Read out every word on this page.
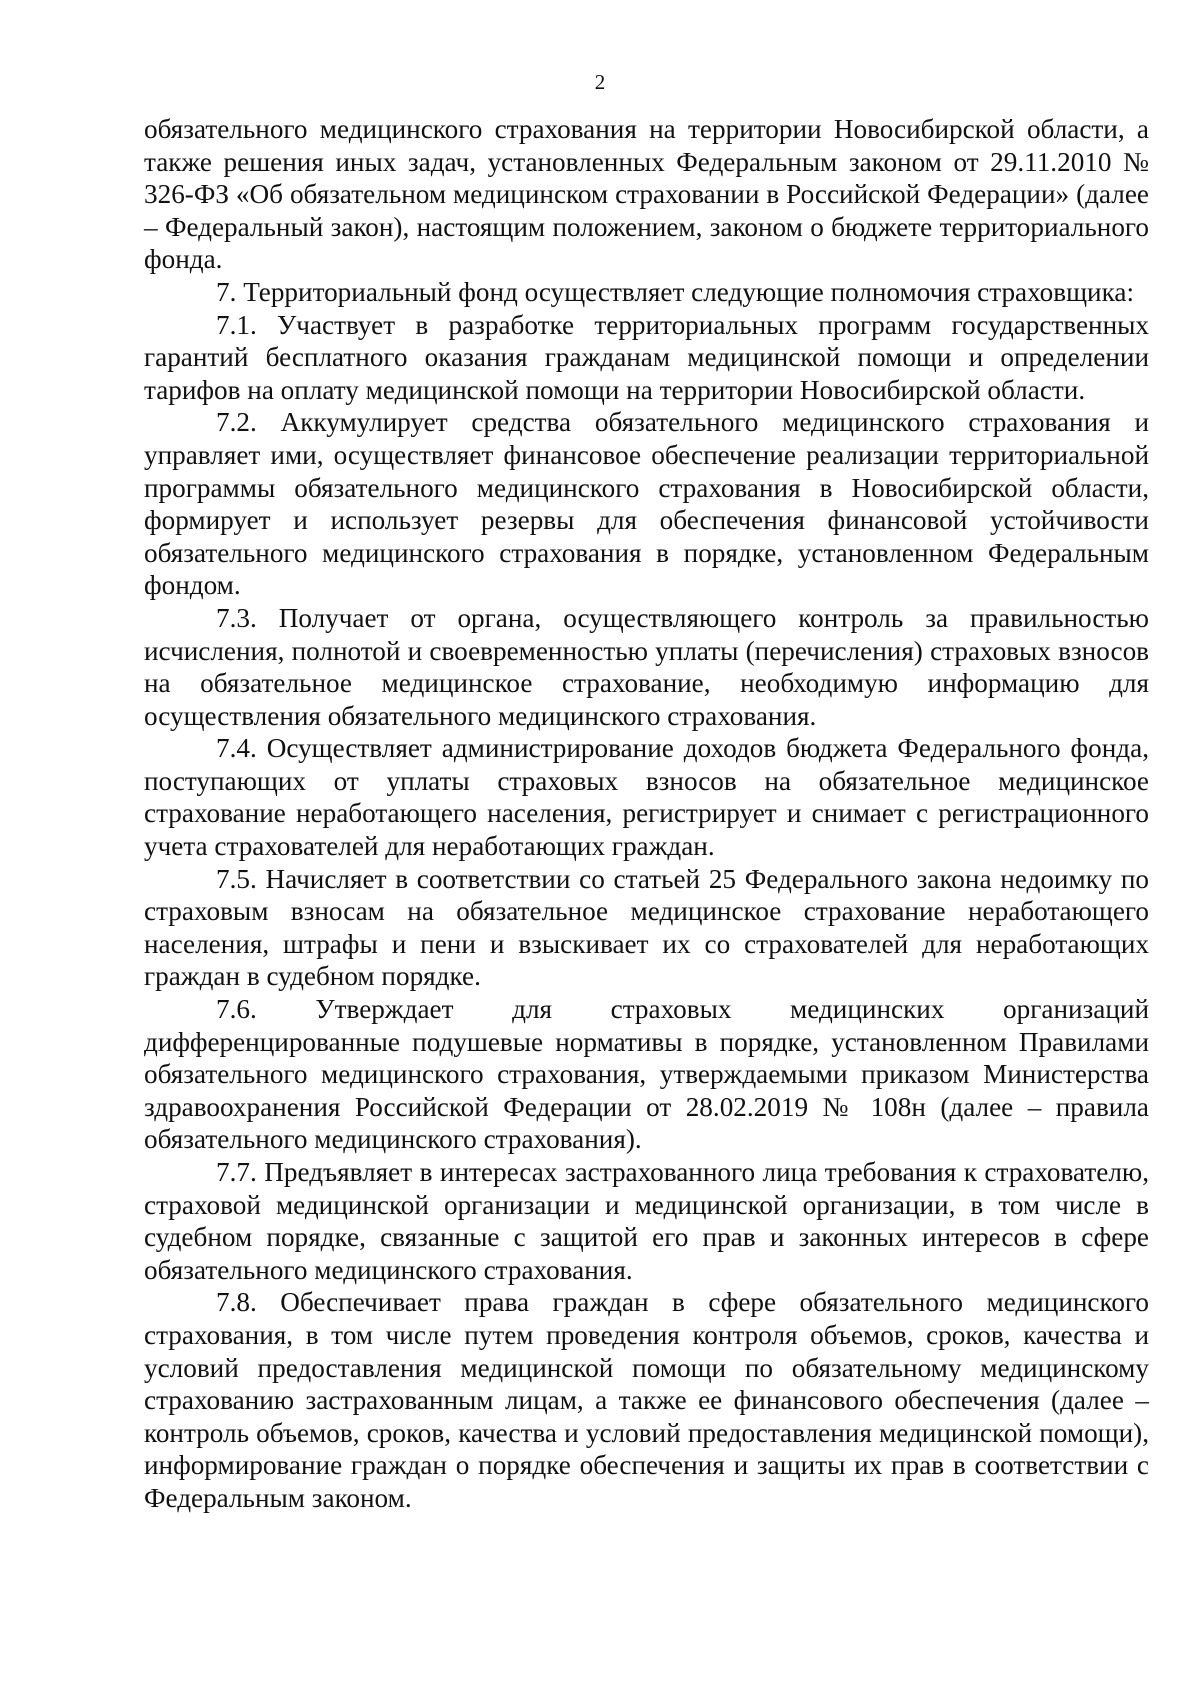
2

обязательного медицинского страхования на территории Новосибирской области, а также решения иных задач, установленных Федеральным законом от 29.11.2010 № 326-ФЗ «Об обязательном медицинском страховании в Российской Федерации» (далее – Федеральный закон), настоящим положением, законом о бюджете территориального фонда.

7. Территориальный фонд осуществляет следующие полномочия страховщика:

7.1. Участвует в разработке территориальных программ государственных гарантий бесплатного оказания гражданам медицинской помощи и определении тарифов на оплату медицинской помощи на территории Новосибирской области.

7.2. Аккумулирует средства обязательного медицинского страхования и управляет ими, осуществляет финансовое обеспечение реализации территориальной программы обязательного медицинского страхования в Новосибирской области, формирует и использует резервы для обеспечения финансовой устойчивости обязательного медицинского страхования в порядке, установленном Федеральным фондом.

7.3. Получает от органа, осуществляющего контроль за правильностью исчисления, полнотой и своевременностью уплаты (перечисления) страховых взносов на обязательное медицинское страхование, необходимую информацию для осуществления обязательного медицинского страхования.

7.4. Осуществляет администрирование доходов бюджета Федерального фонда, поступающих от уплаты страховых взносов на обязательное медицинское страхование неработающего населения, регистрирует и снимает с регистрационного учета страхователей для неработающих граждан.

7.5. Начисляет в соответствии со статьей 25 Федерального закона недоимку по страховым взносам на обязательное медицинское страхование неработающего населения, штрафы и пени и взыскивает их со страхователей для неработающих граждан в судебном порядке.

7.6. Утверждает для страховых медицинских организаций дифференцированные подушевые нормативы в порядке, установленном Правилами обязательного медицинского страхования, утверждаемыми приказом Министерства здравоохранения Российской Федерации от 28.02.2019 № 108н (далее – правила обязательного медицинского страхования).

7.7. Предъявляет в интересах застрахованного лица требования к страхователю, страховой медицинской организации и медицинской организации, в том числе в судебном порядке, связанные с защитой его прав и законных интересов в сфере обязательного медицинского страхования.

7.8. Обеспечивает права граждан в сфере обязательного медицинского страхования, в том числе путем проведения контроля объемов, сроков, качества и условий предоставления медицинской помощи по обязательному медицинскому страхованию застрахованным лицам, а также ее финансового обеспечения (далее – контроль объемов, сроков, качества и условий предоставления медицинской помощи), информирование граждан о порядке обеспечения и защиты их прав в соответствии с Федеральным законом.
